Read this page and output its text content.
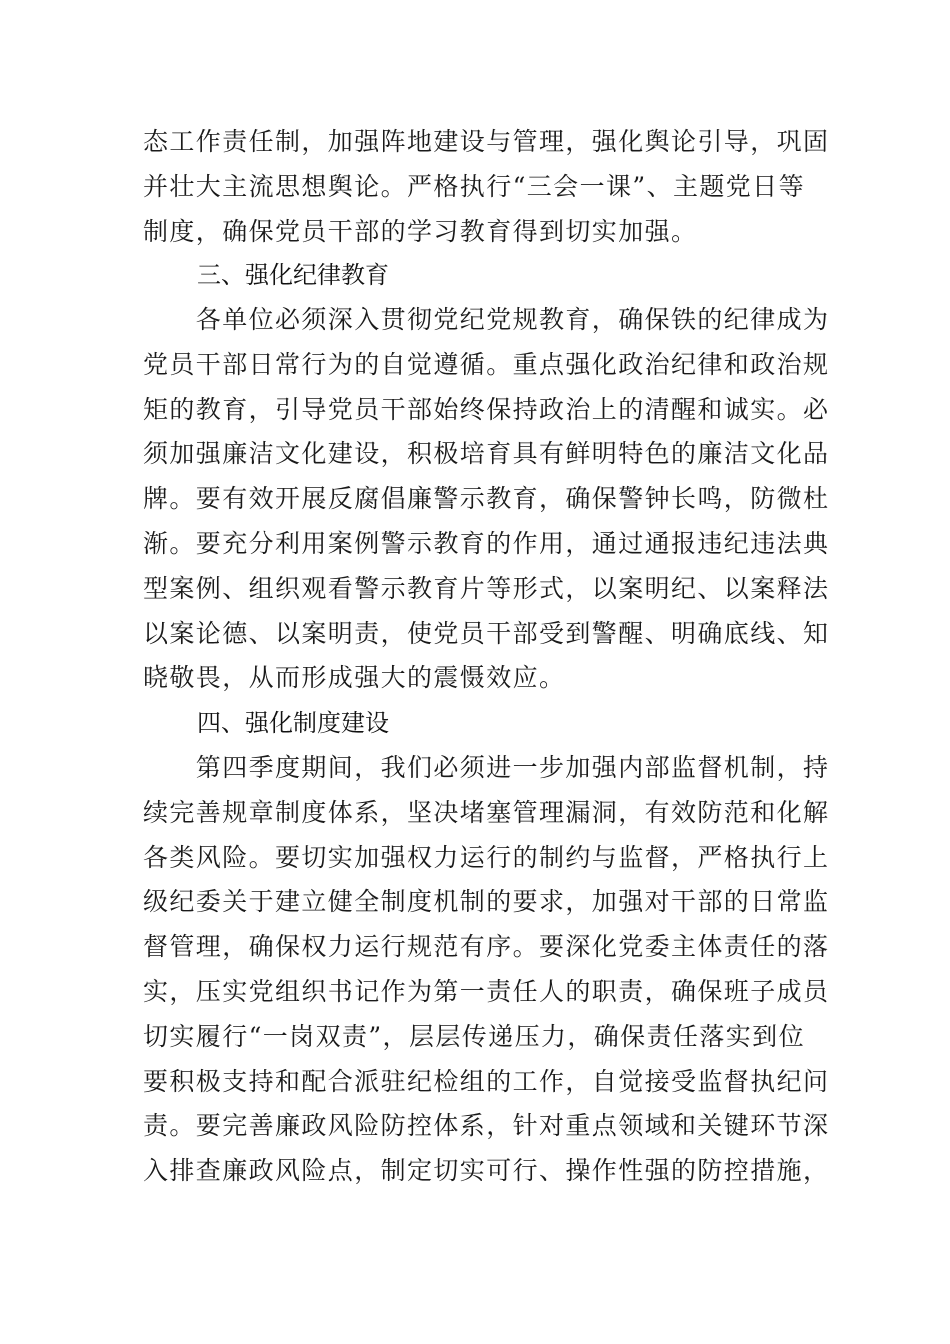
态工作责任制，加强阵地建设与管理，强化舆论引导，巩固
并壮大主流思想舆论。严格执行“三会一课”、主题党日等
制度，确保党员干部的学习教育得到切实加强。
三、强化纪律教育
　　各单位必须深入贯彻党纪党规教育，确保铁的纪律成为
党员干部日常行为的自觉遵循。重点强化政治纪律和政治规
矩的教育，引导党员干部始终保持政治上的清醒和诚实。必
须加强廉洁文化建设，积极培育具有鲜明特色的廉洁文化品
牌。要有效开展反腐倡廉警示教育，确保警钟长鸣，防微杜
渐。要充分利用案例警示教育的作用，通过通报违纪违法典
型案例、组织观看警示教育片等形式，以案明纪、以案释法
以案论德、以案明责，使党员干部受到警醒、明确底线、知
晓敬畏，从而形成强大的震慑效应。
四、强化制度建设
　　第四季度期间，我们必须进一步加强内部监督机制，持
续完善规章制度体系，坚决堵塞管理漏洞，有效防范和化解
各类风险。要切实加强权力运行的制约与监督，严格执行上
级纪委关于建立健全制度机制的要求，加强对干部的日常监
督管理，确保权力运行规范有序。要深化党委主体责任的落
实，压实党组织书记作为第一责任人的职责，确保班子成员
切实履行“一岗双责”，层层传递压力，确保责任落实到位
要积极支持和配合派驻纪检组的工作，自觉接受监督执纪问
责。要完善廉政风险防控体系，针对重点领域和关键环节深
入排查廉政风险点，制定切实可行、操作性强的防控措施，
